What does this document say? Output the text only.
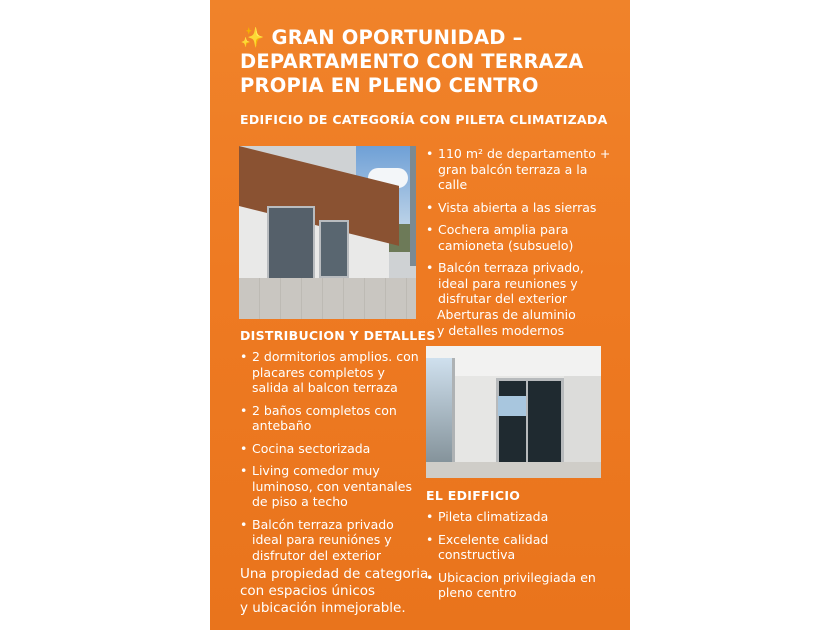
✨ GRAN OPORTUNIDAD –
DEPARTAMENTO CON TERRAZA
PROPIA EN PLENO CENTRO
EDIFICIO DE CATEGORÍA CON PILETA CLIMATIZADA
• 110 m² de departamento + gran balcón terraza a la calle
• Vista abierta a las sierras
• Cochera amplia para camioneta (subsuelo)
• Balcón terraza privado, ideal para reuniones y disfrutar del exterior
Aberturas de aluminio y detalles modernos
DISTRIBUCION Y DETALLES
• 2 dormitorios amplios. con placares completos y salida al balcon terraza
• 2 baños completos con antebaño
• Cocina sectorizada
• Living comedor muy luminoso, con ventanales de piso a techo
• Balcón terraza privado ideal para reuniónes y disfrutor del exterior
EL EDIFFICIO
• Pileta climatizada
• Excelente calidad constructiva
• Ubicacion privilegiada en pleno centro
Una propiedad de categoria
con espacios únicos
y ubicación inmejorable.
